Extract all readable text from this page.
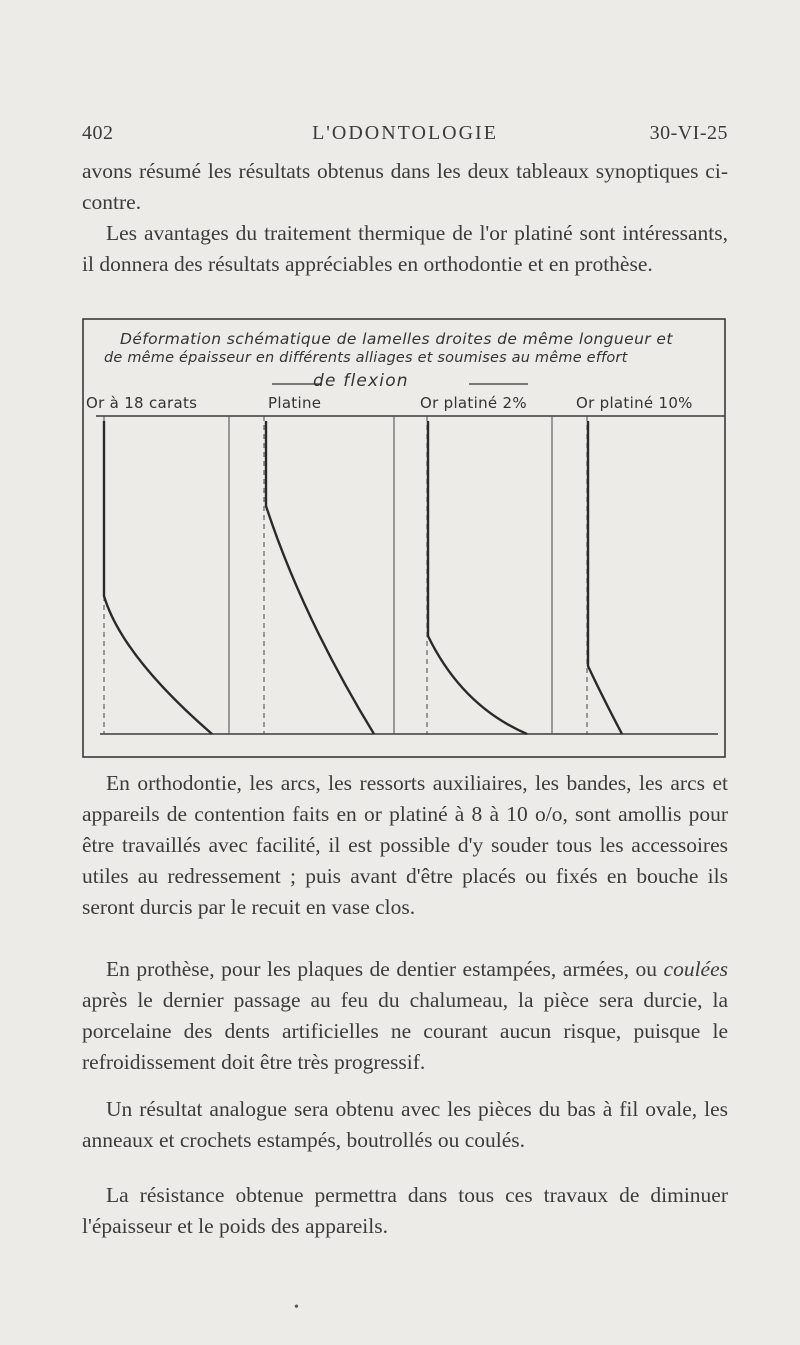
402	L'ODONTOLOGIE	30-VI-25

avons résumé les résultats obtenus dans les deux tableaux synoptiques ci-contre.

Les avantages du traitement thermique de l'or platiné sont intéressants, il donnera des résultats appréciables en orthodontie et en prothèse.

Déformation schématique de lamelles droites de même longueur et
de même épaisseur en différents alliages et soumises au même effort
de flexion
Or à 18 carats	Platine	Or platiné 2%	Or platiné 10%

En orthodontie, les arcs, les ressorts auxiliaires, les bandes, les arcs et appareils de contention faits en or platiné à 8 à 10 o/o, sont amollis pour être travaillés avec facilité, il est possible d'y souder tous les accessoires utiles au redressement ; puis avant d'être placés ou fixés en bouche ils seront durcis par le recuit en vase clos.

En prothèse, pour les plaques de dentier estampées, armées, ou coulées après le dernier passage au feu du chalumeau, la pièce sera durcie, la porcelaine des dents artificielles ne courant aucun risque, puisque le refroidissement doit être très progressif.

Un résultat analogue sera obtenu avec les pièces du bas à fil ovale, les anneaux et crochets estampés, boutrollés ou coulés.

La résistance obtenue permettra dans tous ces travaux de diminuer l'épaisseur et le poids des appareils.

•
